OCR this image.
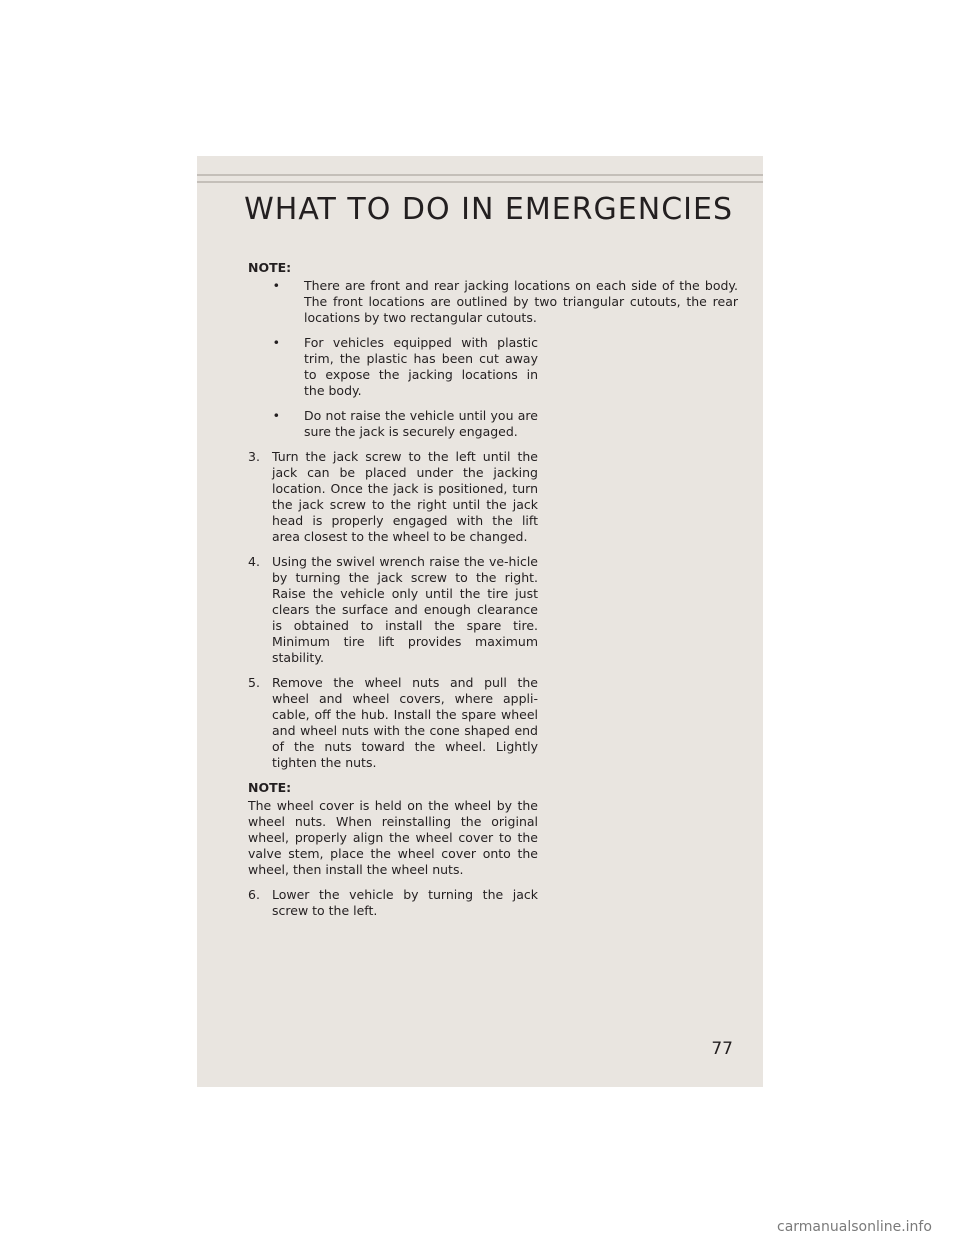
WHAT TO DO IN EMERGENCIES
NOTE:
• There are front and rear jacking locations on each side of the body. The front locations are outlined by two triangular cutouts, the rear locations by two rectangular cutouts.
• For vehicles equipped with plastic trim, the plastic has been cut away to expose the jacking locations in the body.
• Do not raise the vehicle until you are sure the jack is securely engaged.
3. Turn the jack screw to the left until the jack can be placed under the jacking location. Once the jack is positioned, turn the jack screw to the right until the jack head is properly engaged with the lift area closest to the wheel to be changed.
4. Using the swivel wrench raise the ve-hicle by turning the jack screw to the right. Raise the vehicle only until the tire just clears the surface and enough clearance is obtained to install the spare tire. Minimum tire lift provides maximum stability.
5. Remove the wheel nuts and pull the wheel and wheel covers, where appli-cable, off the hub. Install the spare wheel and wheel nuts with the cone shaped end of the nuts toward the wheel. Lightly tighten the nuts.
NOTE:

The wheel cover is held on the wheel by the wheel nuts. When reinstalling the original wheel, properly align the wheel cover to the valve stem, place the wheel cover onto the wheel, then install the wheel nuts.

6. Lower the vehicle by turning the jack screw to the left.
77
carmanualsonline.info
